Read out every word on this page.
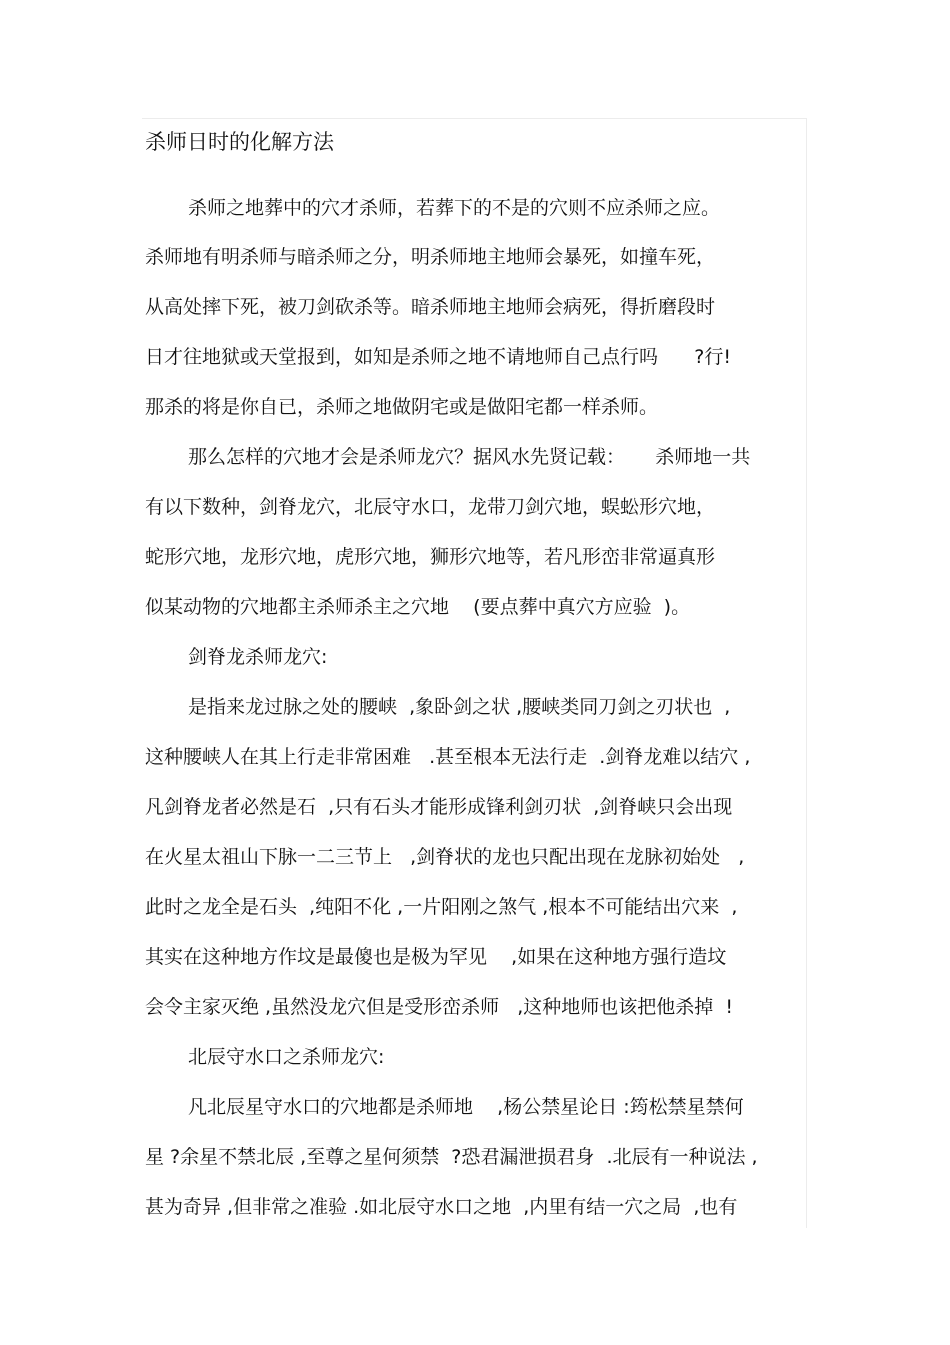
杀师日时的化解方法

杀师之地葬中的穴才杀师，若葬下的不是的穴则不应杀师之应。

杀师地有明杀师与暗杀师之分，明杀师地主地师会暴死，如撞车死，

从高处摔下死，被刀剑砍杀等。暗杀师地主地师会病死，得折磨段时

日才往地狱或天堂报到，如知是杀师之地不请地师自己点行吗      ?行!

那杀的将是你自已，杀师之地做阴宅或是做阳宅都一样杀师。

那么怎样的穴地才会是杀师龙穴？据风水先贤记载：     杀师地一共

有以下数种，剑脊龙穴，北辰守水口，龙带刀剑穴地，蜈蚣形穴地，

蛇形穴地，龙形穴地，虎形穴地，狮形穴地等，若凡形峦非常逼真形

似某动物的穴地都主杀师杀主之穴地    (要点葬中真穴方应验  )。

剑脊龙杀师龙穴:

是指来龙过脉之处的腰峡  ,象卧剑之状 ,腰峡类同刀剑之刃状也  ,

这种腰峡人在其上行走非常困难   .甚至根本无法行走  .剑脊龙难以结穴 ,

凡剑脊龙者必然是石  ,只有石头才能形成锋利剑刃状  ,剑脊峡只会出现

在火星太祖山下脉一二三节上   ,剑脊状的龙也只配出现在龙脉初始处   ,

此时之龙全是石头  ,纯阳不化 ,一片阳刚之煞气 ,根本不可能结出穴来  ,

其实在这种地方作坟是最傻也是极为罕见    ,如果在这种地方强行造坟

会令主家灭绝 ,虽然没龙穴但是受形峦杀师   ,这种地师也该把他杀掉  !

北辰守水口之杀师龙穴:

凡北辰星守水口的穴地都是杀师地    ,杨公禁星论日 :筠松禁星禁何

星 ?余星不禁北辰 ,至尊之星何须禁  ?恐君漏泄损君身  .北辰有一种说法 ,

甚为奇异 ,但非常之准验 .如北辰守水口之地  ,内里有结一穴之局  ,也有
